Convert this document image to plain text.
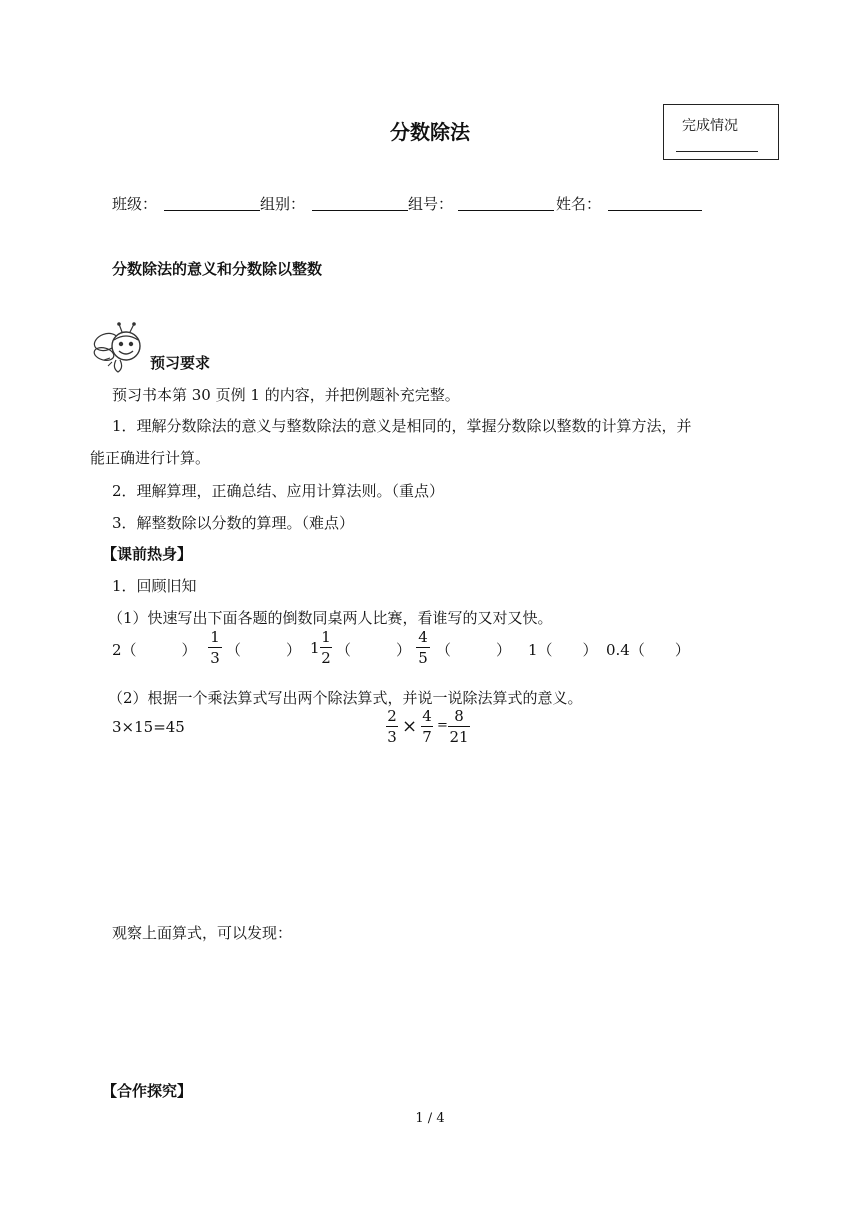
分数除法	完成情况
班级：	组别：	组号：	姓名：
分数除法的意义和分数除以整数
预习要求
预习书本第 30 页例 1 的内容，并把例题补充完整。
1．理解分数除法的意义与整数除法的意义是相同的，掌握分数除以整数的计算方法，并
能正确进行计算。
2．理解算理，正确总结、应用计算法则。（重点）
3．解整数除以分数的算理。（难点）
【课前热身】
1．回顾旧知
（1）快速写出下面各题的倒数同桌两人比赛，看谁写的又对又快。
2（　　　）
1
3 （　　　） 1
1
2 （　　　）
4
5 （　　　） 1（　　） 0.4（　　）
（2）根据一个乘法算式写出两个除法算式，并说一说除法算式的意义。
3×15=45
2
3 × 4
7
=
8
21
观察上面算式，可以发现：
【合作探究】
1 / 4
